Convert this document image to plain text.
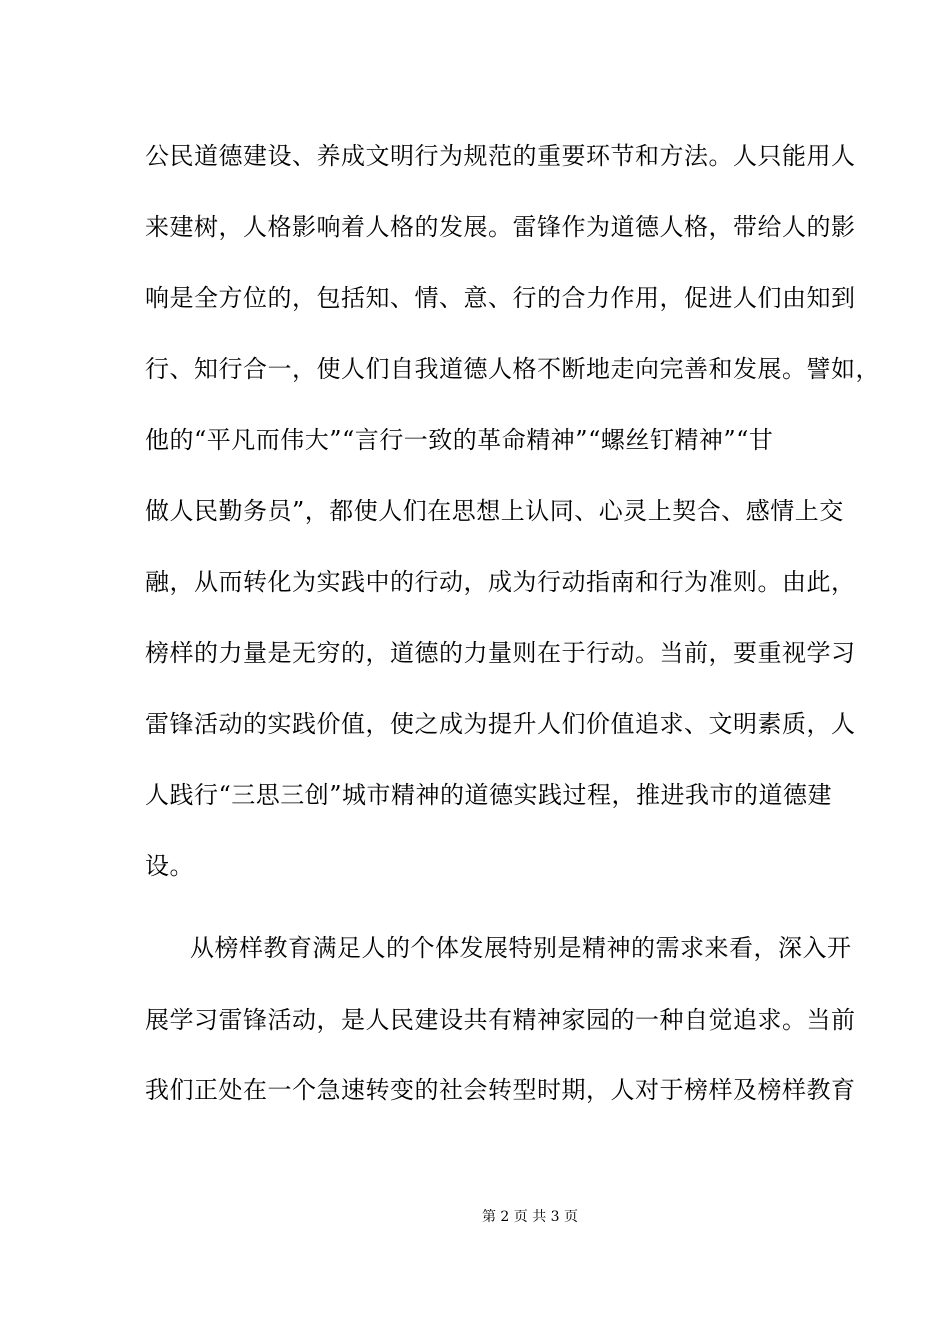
公民道德建设、养成文明行为规范的重要环节和方法。人只能用人
来建树，人格影响着人格的发展。雷锋作为道德人格，带给人的影
响是全方位的，包括知、情、意、行的合力作用，促进人们由知到
行、知行合一，使人们自我道德人格不断地走向完善和发展。譬如，
他的“平凡而伟大”“言行一致的革命精神”“螺丝钉精神”“甘
做人民勤务员”，都使人们在思想上认同、心灵上契合、感情上交
融，从而转化为实践中的行动，成为行动指南和行为准则。由此，
榜样的力量是无穷的，道德的力量则在于行动。当前，要重视学习
雷锋活动的实践价值，使之成为提升人们价值追求、文明素质，人
人践行“三思三创”城市精神的道德实践过程，推进我市的道德建
设。
从榜样教育满足人的个体发展特别是精神的需求来看，深入开
展学习雷锋活动，是人民建设共有精神家园的一种自觉追求。当前
我们正处在一个急速转变的社会转型时期，人对于榜样及榜样教育
第 2 页 共 3 页
